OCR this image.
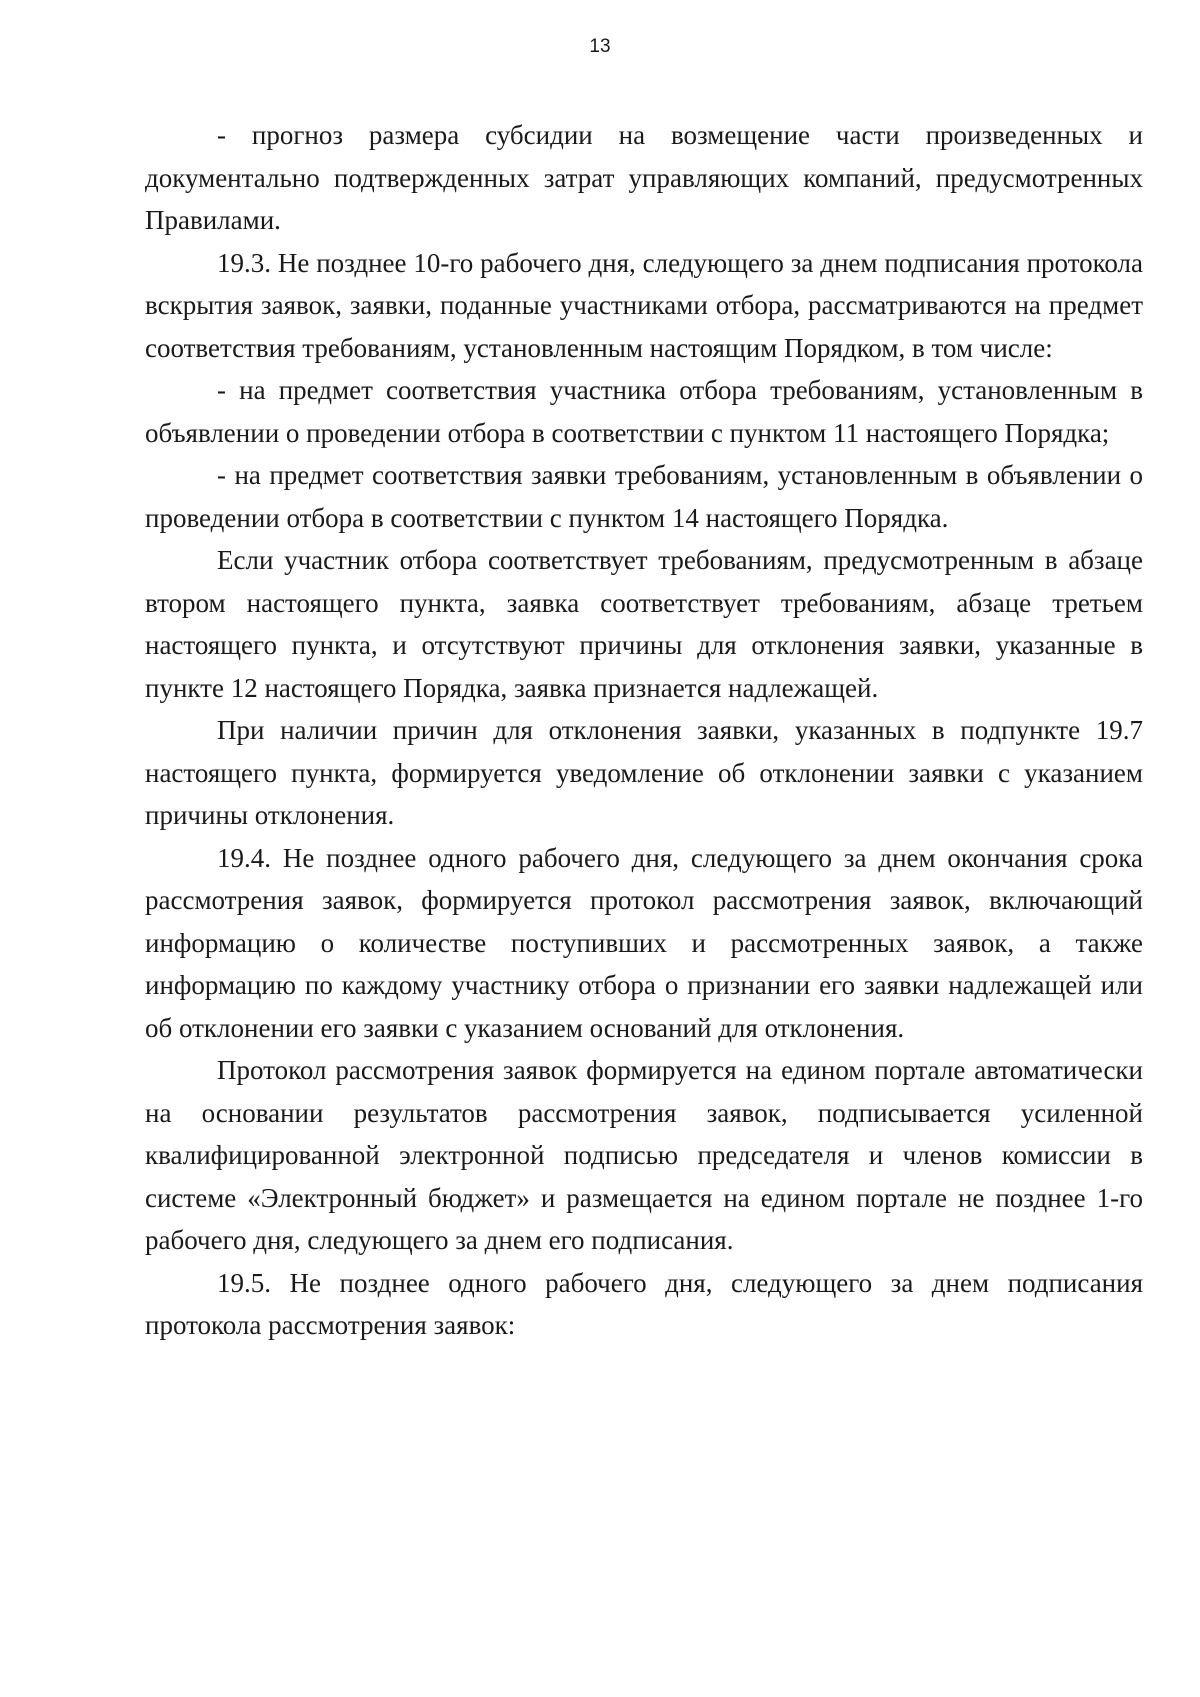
13

- прогноз размера субсидии на возмещение части произведенных и документально подтвержденных затрат управляющих компаний, предусмотренных Правилами.

19.3. Не позднее 10-го рабочего дня, следующего за днем подписания протокола вскрытия заявок, заявки, поданные участниками отбора, рассматриваются на предмет соответствия требованиям, установленным настоящим Порядком, в том числе:

- на предмет соответствия участника отбора требованиям, установленным в объявлении о проведении отбора в соответствии с пунктом 11 настоящего Порядка;

- на предмет соответствия заявки требованиям, установленным в объявлении о проведении отбора в соответствии с пунктом 14 настоящего Порядка.

Если участник отбора соответствует требованиям, предусмотренным в абзаце втором настоящего пункта, заявка соответствует требованиям, абзаце третьем настоящего пункта, и отсутствуют причины для отклонения заявки, указанные в пункте 12 настоящего Порядка, заявка признается надлежащей.

При наличии причин для отклонения заявки, указанных в подпункте 19.7 настоящего пункта, формируется уведомление об отклонении заявки с указанием причины отклонения.

19.4. Не позднее одного рабочего дня, следующего за днем окончания срока рассмотрения заявок, формируется протокол рассмотрения заявок, включающий информацию о количестве поступивших и рассмотренных заявок, а также информацию по каждому участнику отбора о признании его заявки надлежащей или об отклонении его заявки с указанием оснований для отклонения.

Протокол рассмотрения заявок формируется на едином портале автоматически на основании результатов рассмотрения заявок, подписывается усиленной квалифицированной электронной подписью председателя и членов комиссии в системе «Электронный бюджет» и размещается на едином портале не позднее 1-го рабочего дня, следующего за днем его подписания.

19.5. Не позднее одного рабочего дня, следующего за днем подписания протокола рассмотрения заявок:
